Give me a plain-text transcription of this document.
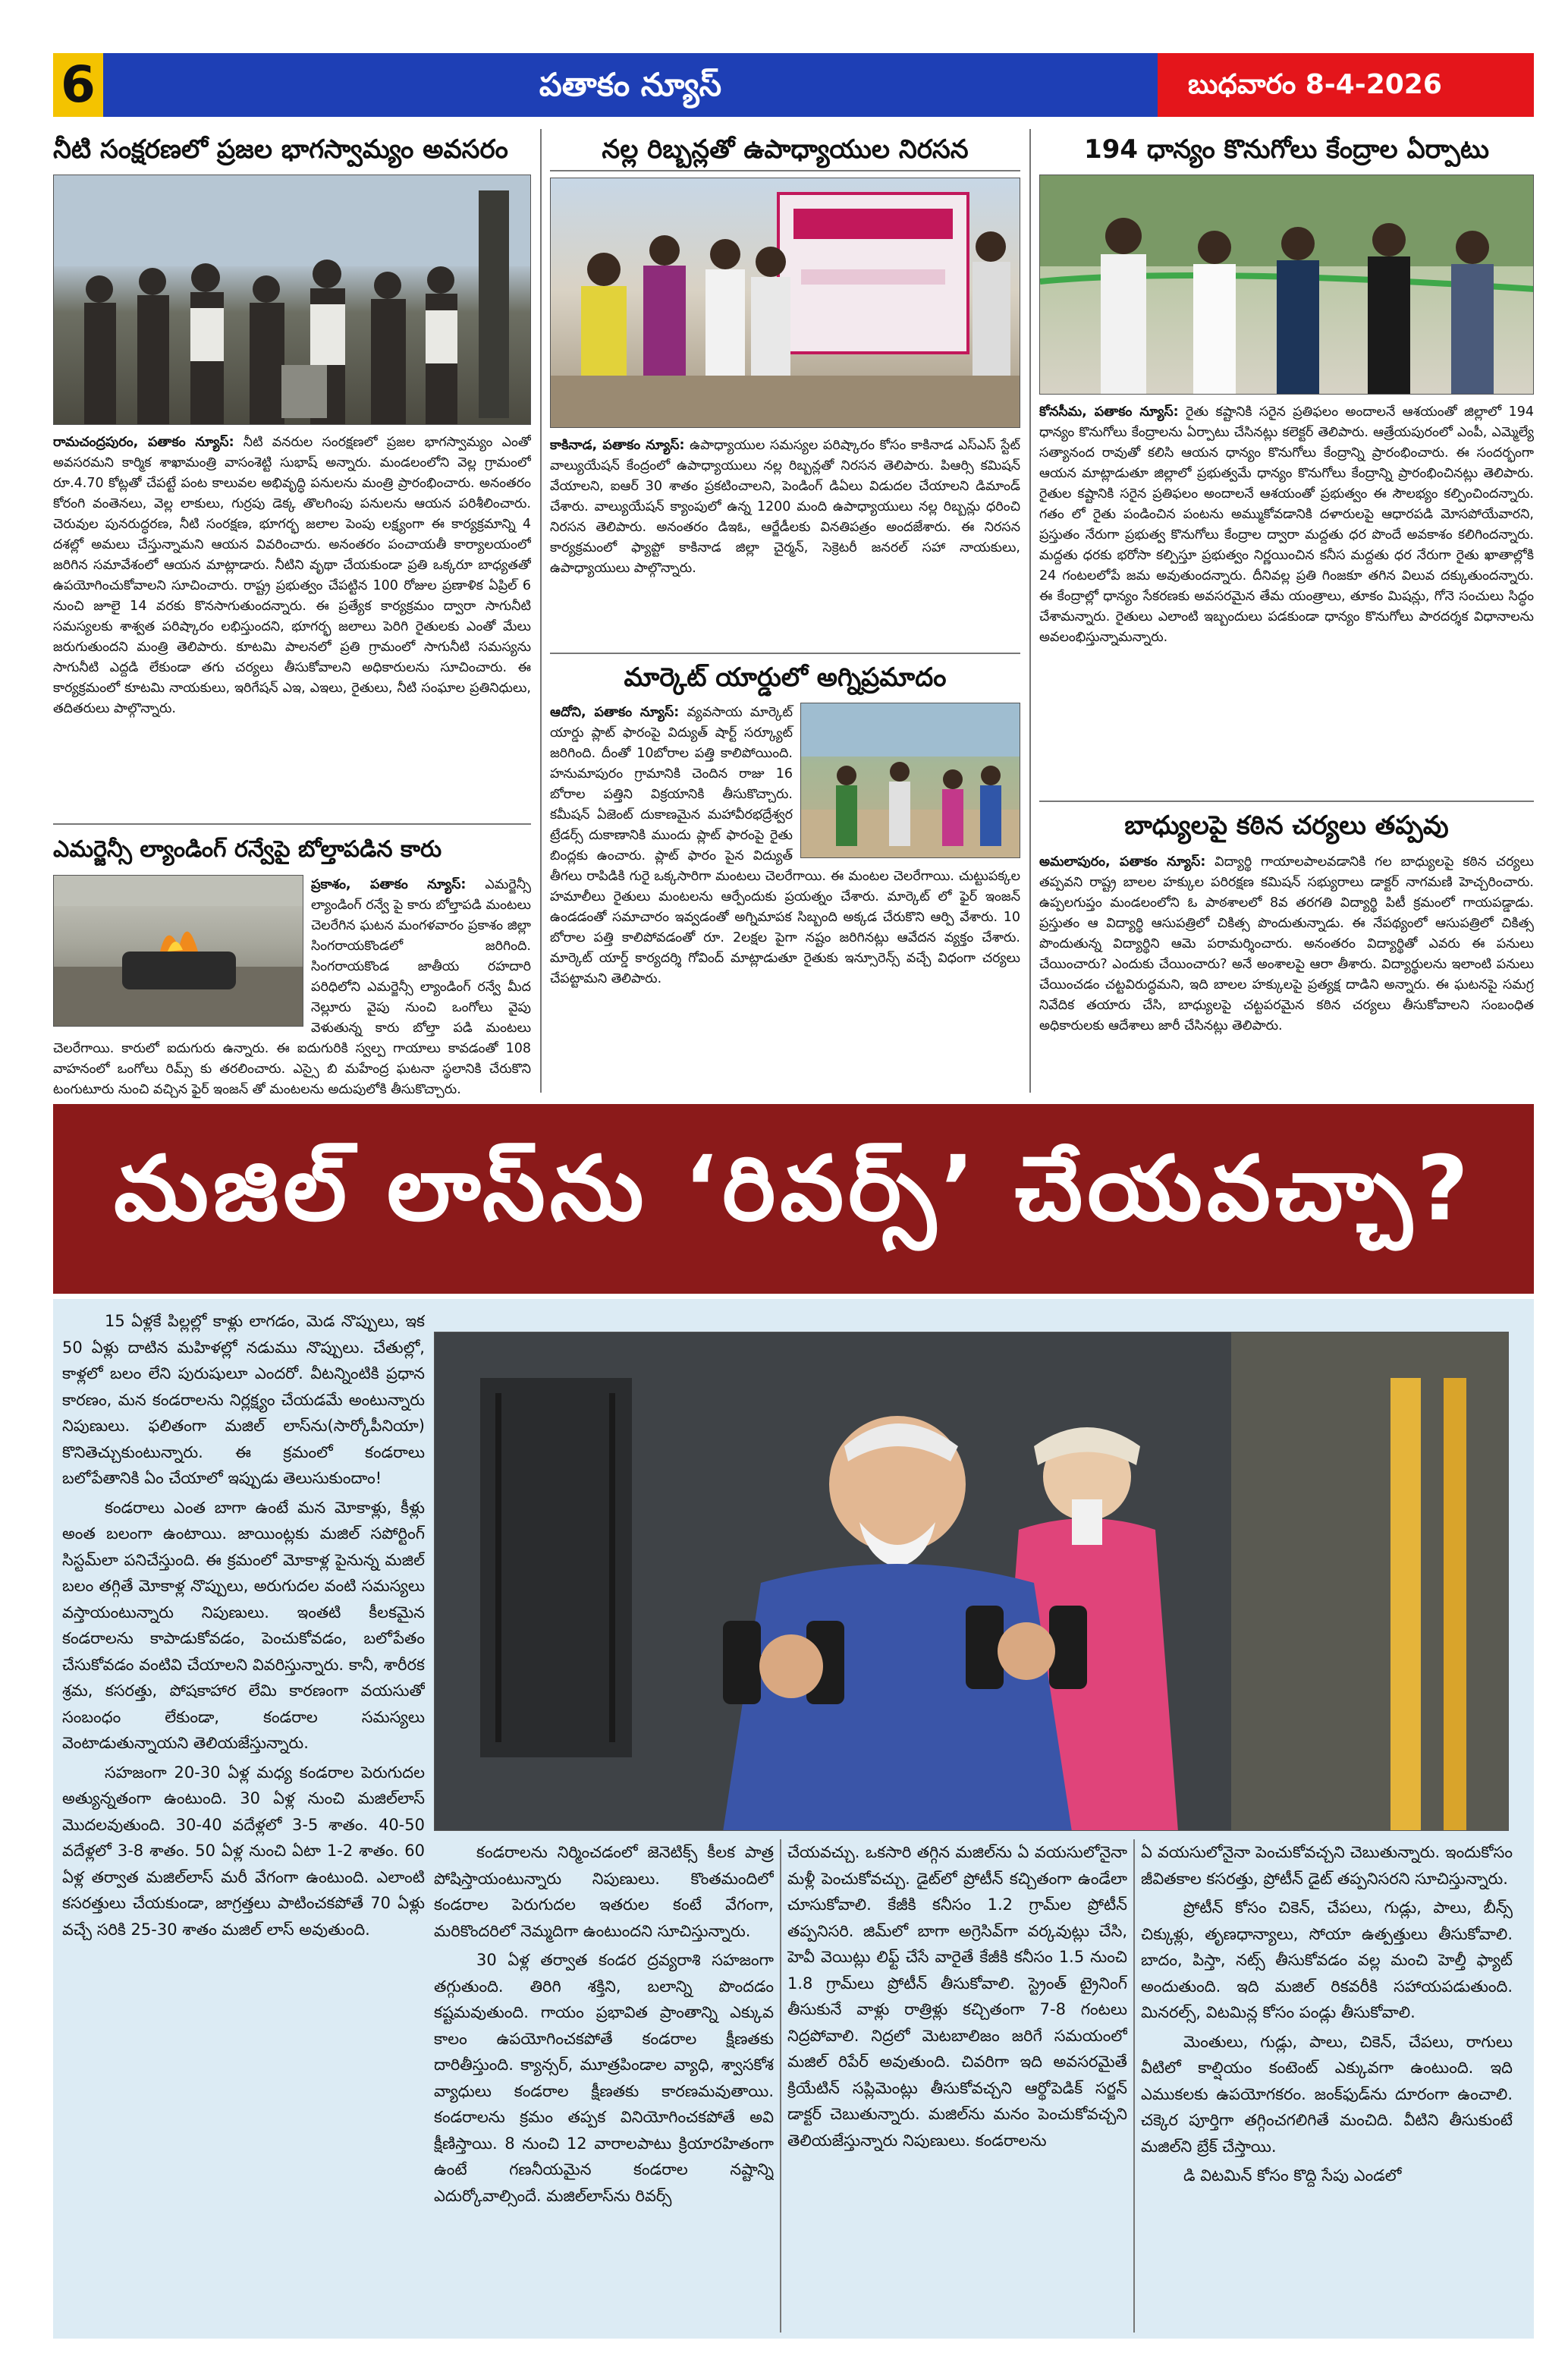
6	పతాకం న్యూస్	బుధవారం 8-4-2026
నీటి సంక్షరణలో ప్రజల భాగస్వామ్యం అవసరం
రామచంద్రపురం, పతాకం న్యూస్: నీటి వనరుల సంరక్షణలో ప్రజల భాగస్వామ్యం ఎంతో అవసరమని కార్మిక శాఖామంత్రి వాసంశెట్టి సుభాష్ అన్నారు. మండలంలోని వెల్ల గ్రామంలో రూ.4.70 కోట్లతో చేపట్టే పంట కాలువల అభివృద్ధి పనులను మంత్రి ప్రారంభించారు. అనంతరం కోరంగి వంతెనలు, వెల్ల లాకులు, గుర్రపు డెక్క తొలగింపు పనులను ఆయన పరిశీలించారు. చెరువుల పునరుద్ధరణ, నీటి సంరక్షణ, భూగర్భ జలాల పెంపు లక్ష్యంగా ఈ కార్యక్రమాన్ని 4 దశల్లో అమలు చేస్తున్నామని ఆయన వివరించారు. అనంతరం పంచాయతీ కార్యాలయంలో జరిగిన సమావేశంలో ఆయన మాట్లాడారు. నీటిని వృథా చేయకుండా ప్రతి ఒక్కరూ బాధ్యతతో ఉపయోగించుకోవాలని సూచించారు. రాష్ట్ర ప్రభుత్వం చేపట్టిన 100 రోజుల ప్రణాళిక ఏప్రిల్ 6 నుంచి జూలై 14 వరకు కొనసాగుతుందన్నారు. ఈ ప్రత్యేక కార్యక్రమం ద్వారా సాగునీటి సమస్యలకు శాశ్వత పరిష్కారం లభిస్తుందని, భూగర్భ జలాలు పెరిగి రైతులకు ఎంతో మేలు జరుగుతుందని మంత్రి తెలిపారు. కూటమి పాలనలో ప్రతి గ్రామంలో సాగునీటి సమస్యను సాగునీటి ఎద్దడి లేకుండా తగు చర్యలు తీసుకోవాలని అధికారులను సూచించారు. ఈ కార్యక్రమంలో కూటమి నాయకులు, ఇరిగేషన్ ఎఇ, ఎఇలు, రైతులు, నీటి సంఘాల ప్రతినిధులు, తదితరులు పాల్గొన్నారు.
ఎమర్జెన్సీ ల్యాండింగ్ రన్వేపై బోల్తాపడిన కారు
ప్రకాశం, పతాకం న్యూస్: ఎమర్జెన్సీ ల్యాండింగ్ రన్వే పై కారు బోల్తాపడి మంటలు చెలరేగిన ఘటన మంగళవారం ప్రకాశం జిల్లా సింగరాయకొండలో జరిగింది. సింగరాయకొండ జాతీయ రహదారి పరిధిలోని ఎమర్జెన్సీ ల్యాండింగ్ రన్వే మీద నెల్లూరు వైపు నుంచి ఒంగోలు వైపు వెళుతున్న కారు బోల్తా పడి మంటలు చెలరేగాయి. కారులో ఐదుగురు ఉన్నారు. ఈ ఐదుగురికి స్వల్ప గాయాలు కావడంతో 108 వాహనంలో ఒంగోలు రిమ్స్ కు తరలించారు. ఎస్సై బి మహేంద్ర ఘటనా స్థలానికి చేరుకొని టంగుటూరు నుంచి వచ్చిన ఫైర్ ఇంజన్ తో మంటలను అదుపులోకి తీసుకొచ్చారు.
నల్ల రిబ్బన్లతో ఉపాధ్యాయుల నిరసన
కాకినాడ, పతాకం న్యూస్: ఉపాధ్యాయుల సమస్యల పరిష్కారం కోసం కాకినాడ ఎస్ఎస్ స్టేట్ వాల్యుయేషన్ కేంద్రంలో ఉపాధ్యాయులు నల్ల రిబ్బన్లతో నిరసన తెలిపారు. పిఆర్సి కమిషన్ వేయాలని, ఐఆర్ 30 శాతం ప్రకటించాలని, పెండింగ్ డిఏలు విడుదల చేయాలని డిమాండ్ చేశారు. వాల్యుయేషన్ క్యాంపులో ఉన్న 1200 మంది ఉపాధ్యాయులు నల్ల రిబ్బన్లు ధరించి నిరసన తెలిపారు. అనంతరం డిఇఓ, ఆర్జేడీలకు వినతిపత్రం అందజేశారు. ఈ నిరసన కార్యక్రమంలో ఫ్యాప్టో కాకినాడ జిల్లా చైర్మన్, సెక్రెటరీ జనరల్ సహా నాయకులు, ఉపాధ్యాయులు పాల్గొన్నారు.
మార్కెట్ యార్డులో అగ్నిప్రమాదం
ఆదోని, పతాకం న్యూస్: వ్యవసాయ మార్కెట్ యార్డు ప్లాట్ ఫారంపై విద్యుత్ షార్ట్ సర్క్యూట్ జరిగింది. దీంతో 10బోరాల పత్తి కాలిపోయింది. హనుమాపురం గ్రామానికి చెందిన రాజు 16 బోరాల పత్తిని విక్రయానికి తీసుకొచ్చారు. కమీషన్ ఏజెంట్ దుకాణమైన మహావీరభద్రేశ్వర ట్రేడర్స్ దుకాణానికి ముందు ప్లాట్ ఫారంపై రైతు బింద్లకు ఉంచారు. ప్లాట్ ఫారం పైన విద్యుత్ తీగలు రాపిడికి గురై ఒక్కసారిగా మంటలు చెలరేగాయి. ఈ మంటల చెలరేగాయి. చుట్టుపక్కల హమాలీలు రైతులు మంటలను ఆర్పేందుకు ప్రయత్నం చేశారు. మార్కెట్ లో ఫైర్ ఇంజన్ ఉండడంతో సమాచారం ఇవ్వడంతో అగ్నిమాపక సిబ్బంది అక్కడ చేరుకొని ఆర్పి వేశారు. 10 బోరాల పత్తి కాలిపోవడంతో రూ. 2లక్షల పైగా నష్టం జరిగినట్లు ఆవేదన వ్యక్తం చేశారు. మార్కెట్ యార్డ్ కార్యదర్శి గోవింద్ మాట్లాడుతూ రైతుకు ఇన్సూరెన్స్ వచ్చే విధంగా చర్యలు చేపట్టామని తెలిపారు.
194 ధాన్యం కొనుగోలు కేంద్రాల ఏర్పాటు
కోనసీమ, పతాకం న్యూస్: రైతు కష్టానికి సరైన ప్రతిఫలం అందాలనే ఆశయంతో జిల్లాలో 194 ధాన్యం కొనుగోలు కేంద్రాలను ఏర్పాటు చేసినట్లు కలెక్టర్ తెలిపారు. ఆత్రేయపురంలో ఎంపీ, ఎమ్మెల్యే సత్యానంద రావుతో కలిసి ఆయన ధాన్యం కొనుగోలు కేంద్రాన్ని ప్రారంభించారు. ఈ సందర్భంగా ఆయన మాట్లాడుతూ జిల్లాలో ప్రభుత్వమే ధాన్యం కొనుగోలు కేంద్రాన్ని ప్రారంభించినట్లు తెలిపారు. రైతుల కష్టానికి సరైన ప్రతిఫలం అందాలనే ఆశయంతో ప్రభుత్వం ఈ సౌలభ్యం కల్పించిందన్నారు. గతం లో రైతు పండించిన పంటను అమ్ముకోవడానికి దళారులపై ఆధారపడి మోసపోయేవారని, ప్రస్తుతం నేరుగా ప్రభుత్వ కొనుగోలు కేంద్రాల ద్వారా మద్దతు ధర పొందే అవకాశం కలిగిందన్నారు. మద్దతు ధరకు భరోసా కల్పిస్తూ ప్రభుత్వం నిర్ణయించిన కనీస మద్దతు ధర నేరుగా రైతు ఖాతాల్లోకి 24 గంటలలోపే జమ అవుతుందన్నారు. దీనివల్ల ప్రతి గింజకూ తగిన విలువ దక్కుతుందన్నారు. ఈ కేంద్రాల్లో ధాన్యం సేకరణకు అవసరమైన తేమ యంత్రాలు, తూకం మిషన్లు, గోనె సంచులు సిద్ధం చేశామన్నారు. రైతులు ఎలాంటి ఇబ్బందులు పడకుండా ధాన్యం కొనుగోలు పారదర్శక విధానాలను అవలంభిస్తున్నామన్నారు.
బాధ్యులపై కఠిన చర్యలు తప్పవు
అమలాపురం, పతాకం న్యూస్: విద్యార్థి గాయాలపాలవడానికి గల బాధ్యులపై కఠిన చర్యలు తప్పవని రాష్ట్ర బాలల హక్కుల పరిరక్షణ కమిషన్ సభ్యురాలు డాక్టర్ నాగమణి హెచ్చరించారు. ఉప్పలగుప్తం మండలంలోని ఓ పాఠశాలలో 8వ తరగతి విద్యార్థి పిటీ క్రమంలో గాయపడ్డాడు. ప్రస్తుతం ఆ విద్యార్థి ఆసుపత్రిలో చికిత్స పొందుతున్నాడు. ఈ నేపథ్యంలో ఆసుపత్రిలో చికిత్స పొందుతున్న విద్యార్థిని ఆమె పరామర్శించారు. అనంతరం విద్యార్థితో ఎవరు ఈ పనులు చేయించారు? ఎందుకు చేయించారు? అనే అంశాలపై ఆరా తీశారు. విద్యార్థులను ఇలాంటి పనులు చేయించడం చట్టవిరుద్ధమని, ఇది బాలల హక్కులపై ప్రత్యక్ష దాడిని అన్నారు. ఈ ఘటనపై సమగ్ర నివేదిక తయారు చేసి, బాధ్యులపై చట్టపరమైన కఠిన చర్యలు తీసుకోవాలని సంబంధిత అధికారులకు ఆదేశాలు జారీ చేసినట్లు తెలిపారు.
మజిల్ లాస్‌ను ‘రివర్స్’ చేయవచ్చా?

15 ఏళ్లకే పిల్లల్లో కాళ్లు లాగడం, మెడ నొప్పులు, ఇక 50 ఏళ్లు దాటిన మహిళల్లో నడుము నొప్పులు. చేతుల్లో, కాళ్లలో బలం లేని పురుషులూ ఎందరో. వీటన్నింటికి ప్రధాన కారణం, మన కండరాలను నిర్లక్ష్యం చేయడమే అంటున్నారు నిపుణులు. ఫలితంగా మజిల్ లాస్‌ను(సార్కోపీనియా) కొనితెచ్చుకుంటున్నారు. ఈ క్రమంలో కండరాలు బలోపేతానికి ఏం చేయాలో ఇప్పుడు తెలుసుకుందాం!

కండరాలు ఎంత బాగా ఉంటే మన మోకాళ్లు, కీళ్లు అంత బలంగా ఉంటాయి. జాయింట్లకు మజిల్ సపోర్టింగ్ సిస్టమ్‌లా పనిచేస్తుంది. ఈ క్రమంలో మోకాళ్ల పైనున్న మజిల్ బలం తగ్గితే మోకాళ్ల నొప్పులు, అరుగుదల వంటి సమస్యలు వస్తాయంటున్నారు నిపుణులు. ఇంతటి కీలకమైన కండరాలను కాపాడుకోవడం, పెంచుకోవడం, బలోపేతం చేసుకోవడం వంటివి చేయాలని వివరిస్తున్నారు. కానీ, శారీరక శ్రమ, కసరత్తు, పోషకాహార లేమి కారణంగా వయసుతో సంబంధం లేకుండా, కండరాల సమస్యలు వెంటాడుతున్నాయని తెలియజేస్తున్నారు.

సహజంగా 20-30 ఏళ్ల మధ్య కండరాల పెరుగుదల అత్యున్నతంగా ఉంటుంది. 30 ఏళ్ల నుంచి మజిల్‌లాస్ మొదలవుతుంది. 30-40 వదేళ్లలో 3-5 శాతం. 40-50 వదేళ్లలో 3-8 శాతం. 50 ఏళ్ల నుంచి ఏటా 1-2 శాతం. 60 ఏళ్ల తర్వాత మజిల్‌లాస్ మరీ వేగంగా ఉంటుంది. ఎలాంటి కసరత్తులు చేయకుండా, జాగ్రత్తలు పాటించకపోతే 70 ఏళ్లు వచ్చే సరికి 25-30 శాతం మజిల్ లాస్ అవుతుంది.

కండరాలను నిర్మించడంలో జెనెటిక్స్ కీలక పాత్ర పోషిస్తాయంటున్నారు నిపుణులు. కొంతమందిలో కండరాల పెరుగుదల ఇతరుల కంటే వేగంగా, మరికొందరిలో నెమ్మదిగా ఉంటుందని సూచిస్తున్నారు.

30 ఏళ్ల తర్వాత కండర ద్రవ్యరాశి సహజంగా తగ్గుతుంది. తిరిగి శక్తిని, బలాన్ని పొందడం కష్టమవుతుంది. గాయం ప్రభావిత ప్రాంతాన్ని ఎక్కువ కాలం ఉపయోగించకపోతే కండరాల క్షీణతకు దారితీస్తుంది. క్యాన్సర్, మూత్రపిండాల వ్యాధి, శ్వాసకోశ వ్యాధులు కండరాల క్షీణతకు కారణమవుతాయి. కండరాలను క్రమం తప్పక వినియోగించకపోతే అవి క్షీణిస్తాయి. 8 నుంచి 12 వారాలపాటు క్రియారహితంగా ఉంటే గణనీయమైన కండరాల నష్టాన్ని ఎదుర్కోవాల్సిందే. మజిల్‌లాస్‌ను రివర్స్

చేయవచ్చు. ఒకసారి తగ్గిన మజిల్‌ను ఏ వయసులోనైనా మళ్లీ పెంచుకోవచ్చు. డైట్‌లో ప్రోటీన్ కచ్చితంగా ఉండేలా చూసుకోవాలి. కేజీకి కనీసం 1.2 గ్రామ్‌ల ప్రోటీన్ తప్పనిసరి. జిమ్‌లో బాగా అగ్రెసివ్‌గా వర్కవుట్లు చేసి, హెవీ వెయిట్లు లిఫ్ట్ చేసే వారైతే కేజీకి కనీసం 1.5 నుంచి 1.8 గ్రామ్‌లు ప్రోటీన్ తీసుకోవాలి. స్ట్రెంత్ ట్రైనింగ్ తీసుకునే వాళ్లు రాత్రిళ్లు కచ్చితంగా 7-8 గంటలు నిద్రపోవాలి. నిద్రలో మెటబాలిజం జరిగే సమయంలో మజిల్ రిపేర్ అవుతుంది. చివరిగా ఇది అవసరమైతే క్రియేటిన్ సప్లిమెంట్లు తీసుకోవచ్చని ఆర్థోపెడిక్ సర్జన్ డాక్టర్ చెబుతున్నారు. మజిల్‌ను మనం పెంచుకోవచ్చని తెలియజేస్తున్నారు నిపుణులు. కండరాలను

ఏ వయసులోనైనా పెంచుకోవచ్చని చెబుతున్నారు. ఇందుకోసం జీవితకాల కసరత్తు, ప్రోటీన్ డైట్ తప్పనిసరని సూచిస్తున్నారు.

ప్రోటీన్ కోసం చికెన్, చేపలు, గుడ్లు, పాలు, బీన్స్ చిక్కుళ్లు, తృణధాన్యాలు, సోయా ఉత్పత్తులు తీసుకోవాలి. బాదం, పిస్తా, నట్స్ తీసుకోవడం వల్ల మంచి హెల్తీ ఫ్యాట్ అందుతుంది. ఇది మజిల్ రికవరీకి సహాయపడుతుంది. మినరల్స్, విటమిన్ల కోసం పండ్లు తీసుకోవాలి.

మెంతులు, గుడ్లు, పాలు, చికెన్, చేపలు, రాగులు వీటిలో కాల్షియం కంటెంట్ ఎక్కువగా ఉంటుంది. ఇది ఎముకలకు ఉపయోగకరం. జంక్‌ఫుడ్‌ను దూరంగా ఉంచాలి. చక్కెర పూర్తిగా తగ్గించగలిగితే మంచిది. వీటిని తీసుకుంటే మజిల్‌ని బ్రేక్ చేస్తాయి.

డి విటమిన్ కోసం కొద్ది సేపు ఎండలో
